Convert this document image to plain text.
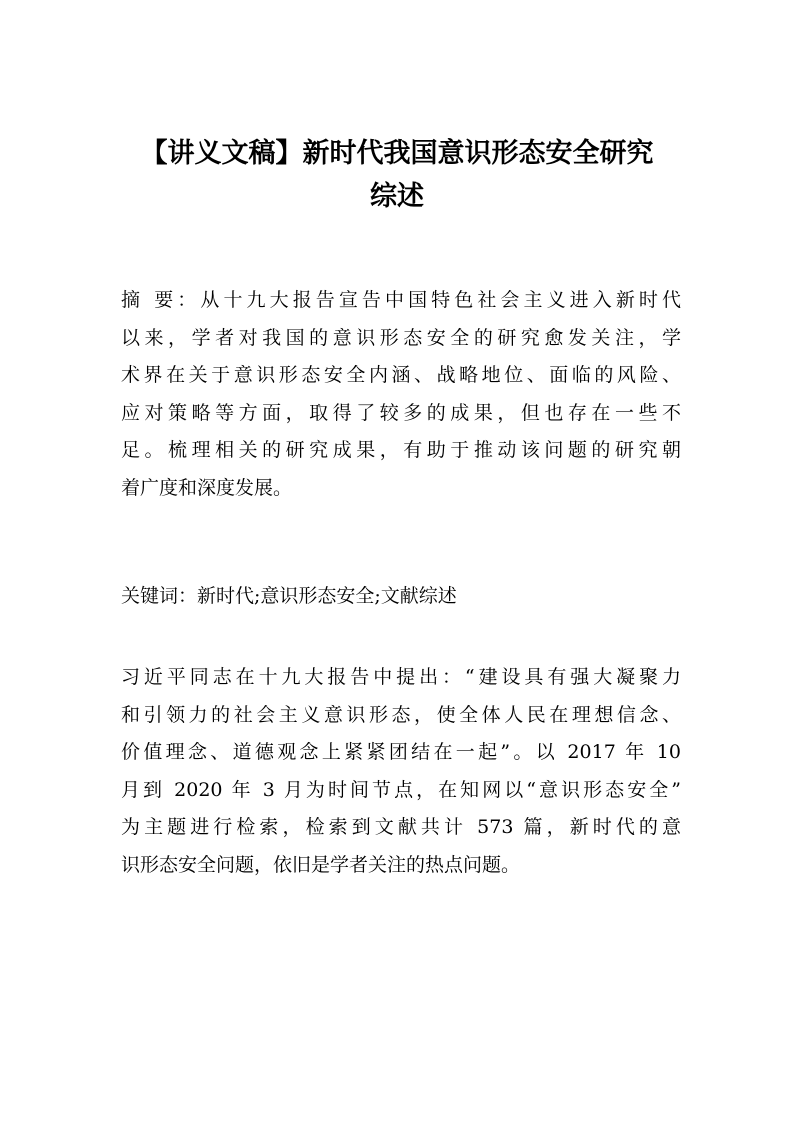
【讲义文稿】新时代我国意识形态安全研究
综述
摘 要：从十九大报告宣告中国特色社会主义进入新时代
以来，学者对我国的意识形态安全的研究愈发关注，学
术界在关于意识形态安全内涵、战略地位、面临的风险、
应对策略等方面，取得了较多的成果，但也存在一些不
足。梳理相关的研究成果，有助于推动该问题的研究朝
着广度和深度发展。
关键词：新时代;意识形态安全;文献综述
习近平同志在十九大报告中提出：“建设具有强大凝聚力
和引领力的社会主义意识形态，使全体人民在理想信念、
价值理念、道德观念上紧紧团结在一起”。以 2017 年 10
月到 2020 年 3 月为时间节点，在知网以“意识形态安全”
为主题进行检索，检索到文献共计 573 篇，新时代的意
识形态安全问题，依旧是学者关注的热点问题。
